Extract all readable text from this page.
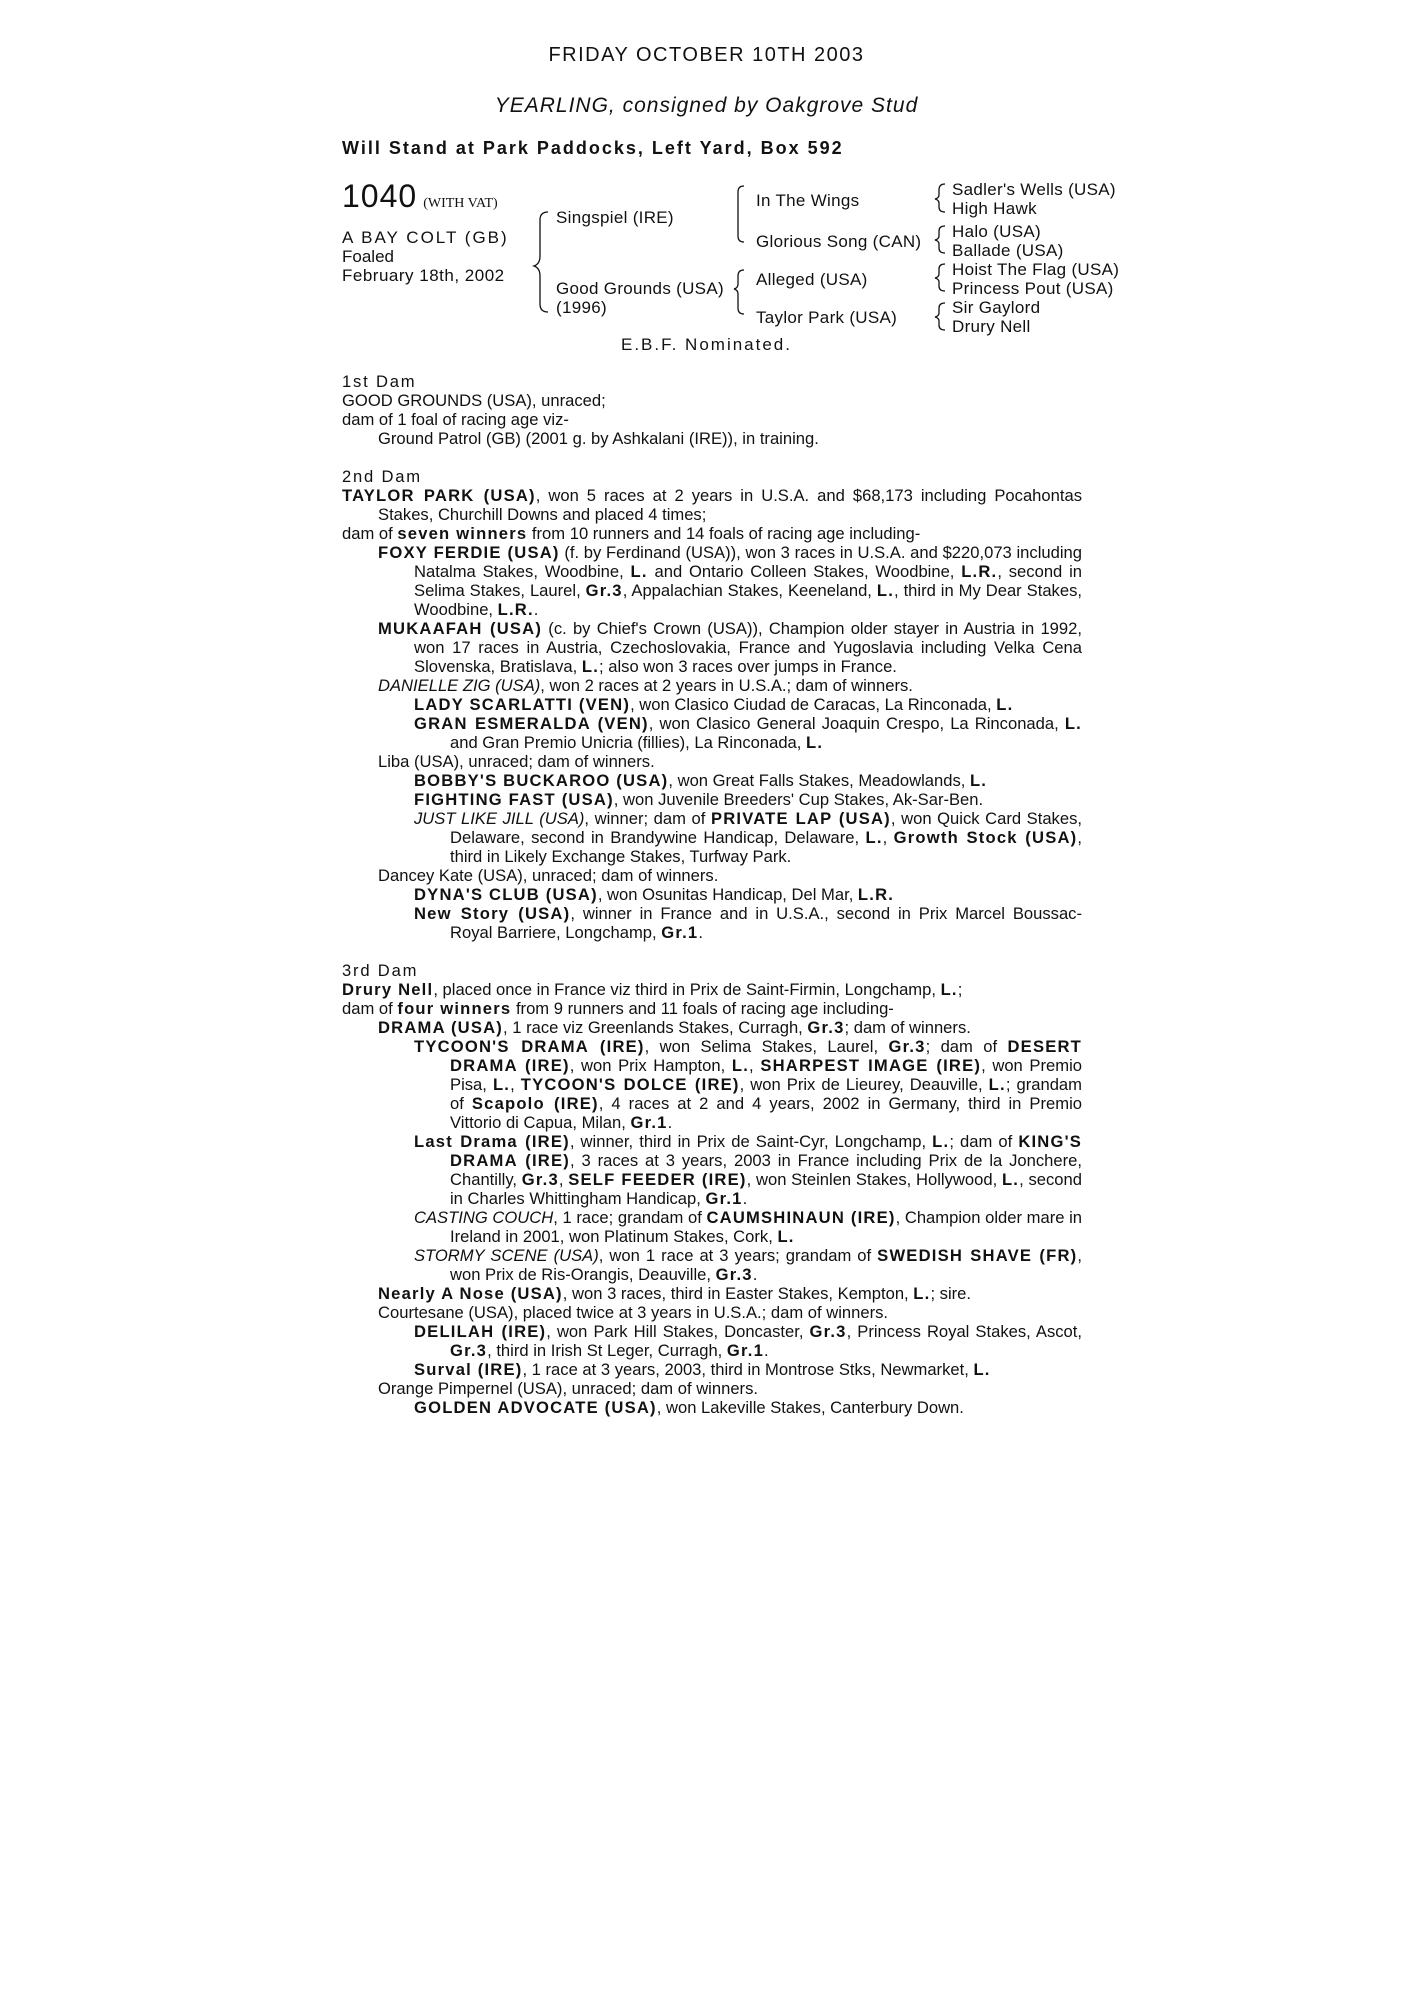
FRIDAY OCTOBER 10TH 2003
YEARLING, consigned by Oakgrove Stud
Will Stand at Park Paddocks, Left Yard, Box 592
1040 (WITH VAT)
A BAY COLT (GB)
Foaled
February 18th, 2002
Singspiel (IRE)
Good Grounds (USA)
(1996)
In The Wings
Glorious Song (CAN)
Alleged (USA)
Taylor Park (USA)
Sadler's Wells (USA)
High Hawk
Halo (USA)
Ballade (USA)
Hoist The Flag (USA)
Princess Pout (USA)
Sir Gaylord
Drury Nell
E.B.F. Nominated.

1st Dam

GOOD GROUNDS (USA), unraced;

dam of 1 foal of racing age viz-

Ground Patrol (GB) (2001 g. by Ashkalani (IRE)), in training.

2nd Dam

TAYLOR PARK (USA), won 5 races at 2 years in U.S.A. and $68,173 including Pocahontas Stakes, Churchill Downs and placed 4 times;

dam of seven winners from 10 runners and 14 foals of racing age including-

FOXY FERDIE (USA) (f. by Ferdinand (USA)), won 3 races in U.S.A. and $220,073 including Natalma Stakes, Woodbine, L. and Ontario Colleen Stakes, Woodbine, L.R., second in Selima Stakes, Laurel, Gr.3, Appalachian Stakes, Keeneland, L., third in My Dear Stakes, Woodbine, L.R..

MUKAAFAH (USA) (c. by Chief's Crown (USA)), Champion older stayer in Austria in 1992, won 17 races in Austria, Czechoslovakia, France and Yugoslavia including Velka Cena Slovenska, Bratislava, L.; also won 3 races over jumps in France.

DANIELLE ZIG (USA), won 2 races at 2 years in U.S.A.; dam of winners.

LADY SCARLATTI (VEN), won Clasico Ciudad de Caracas, La Rinconada, L.

GRAN ESMERALDA (VEN), won Clasico General Joaquin Crespo, La Rinconada, L. and Gran Premio Unicria (fillies), La Rinconada, L.

Liba (USA), unraced; dam of winners.

BOBBY'S BUCKAROO (USA), won Great Falls Stakes, Meadowlands, L.

FIGHTING FAST (USA), won Juvenile Breeders' Cup Stakes, Ak-Sar-Ben.

JUST LIKE JILL (USA), winner; dam of PRIVATE LAP (USA), won Quick Card Stakes, Delaware, second in Brandywine Handicap, Delaware, L., Growth Stock (USA), third in Likely Exchange Stakes, Turfway Park.

Dancey Kate (USA), unraced; dam of winners.

DYNA'S CLUB (USA), won Osunitas Handicap, Del Mar, L.R.

New Story (USA), winner in France and in U.S.A., second in Prix Marcel Boussac-Royal Barriere, Longchamp, Gr.1.

3rd Dam

Drury Nell, placed once in France viz third in Prix de Saint-Firmin, Longchamp, L.;

dam of four winners from 9 runners and 11 foals of racing age including-

DRAMA (USA), 1 race viz Greenlands Stakes, Curragh, Gr.3; dam of winners.

TYCOON'S DRAMA (IRE), won Selima Stakes, Laurel, Gr.3; dam of DESERT DRAMA (IRE), won Prix Hampton, L., SHARPEST IMAGE (IRE), won Premio Pisa, L., TYCOON'S DOLCE (IRE), won Prix de Lieurey, Deauville, L.; grandam of Scapolo (IRE), 4 races at 2 and 4 years, 2002 in Germany, third in Premio Vittorio di Capua, Milan, Gr.1.

Last Drama (IRE), winner, third in Prix de Saint-Cyr, Longchamp, L.; dam of KING'S DRAMA (IRE), 3 races at 3 years, 2003 in France including Prix de la Jonchere, Chantilly, Gr.3, SELF FEEDER (IRE), won Steinlen Stakes, Hollywood, L., second in Charles Whittingham Handicap, Gr.1.

CASTING COUCH, 1 race; grandam of CAUMSHINAUN (IRE), Champion older mare in Ireland in 2001, won Platinum Stakes, Cork, L.

STORMY SCENE (USA), won 1 race at 3 years; grandam of SWEDISH SHAVE (FR), won Prix de Ris-Orangis, Deauville, Gr.3.

Nearly A Nose (USA), won 3 races, third in Easter Stakes, Kempton, L.; sire.

Courtesane (USA), placed twice at 3 years in U.S.A.; dam of winners.

DELILAH (IRE), won Park Hill Stakes, Doncaster, Gr.3, Princess Royal Stakes, Ascot, Gr.3, third in Irish St Leger, Curragh, Gr.1.

Surval (IRE), 1 race at 3 years, 2003, third in Montrose Stks, Newmarket, L.

Orange Pimpernel (USA), unraced; dam of winners.

GOLDEN ADVOCATE (USA), won Lakeville Stakes, Canterbury Down.
